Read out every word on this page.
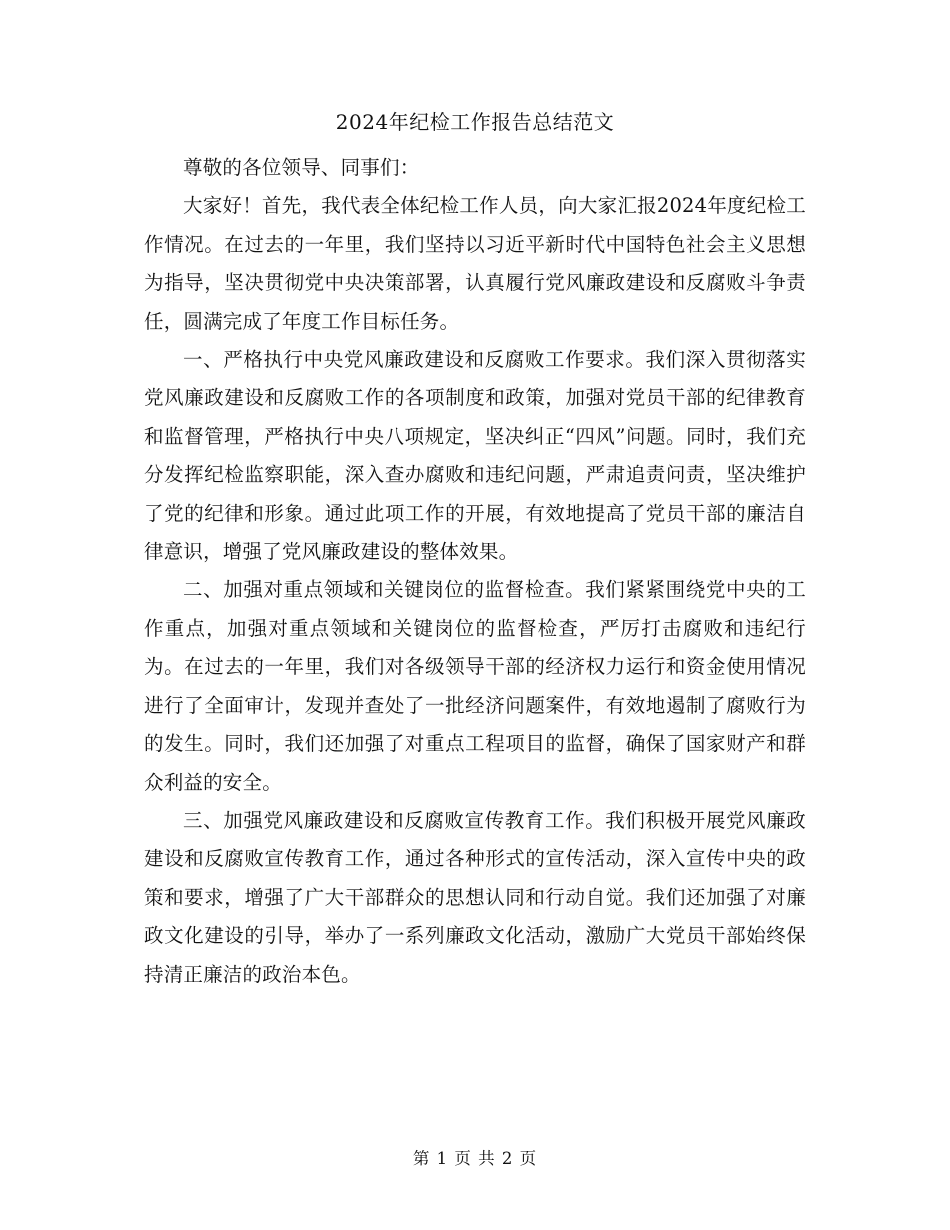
2024年纪检工作报告总结范文

尊敬的各位领导、同事们：

大家好！首先，我代表全体纪检工作人员，向大家汇报2024年度纪检工作情况。在过去的一年里，我们坚持以习近平新时代中国特色社会主义思想为指导，坚决贯彻党中央决策部署，认真履行党风廉政建设和反腐败斗争责任，圆满完成了年度工作目标任务。

一、严格执行中央党风廉政建设和反腐败工作要求。我们深入贯彻落实党风廉政建设和反腐败工作的各项制度和政策，加强对党员干部的纪律教育和监督管理，严格执行中央八项规定，坚决纠正“四风”问题。同时，我们充分发挥纪检监察职能，深入查办腐败和违纪问题，严肃追责问责，坚决维护了党的纪律和形象。通过此项工作的开展，有效地提高了党员干部的廉洁自律意识，增强了党风廉政建设的整体效果。

二、加强对重点领域和关键岗位的监督检查。我们紧紧围绕党中央的工作重点，加强对重点领域和关键岗位的监督检查，严厉打击腐败和违纪行为。在过去的一年里，我们对各级领导干部的经济权力运行和资金使用情况进行了全面审计，发现并查处了一批经济问题案件，有效地遏制了腐败行为的发生。同时，我们还加强了对重点工程项目的监督，确保了国家财产和群众利益的安全。

三、加强党风廉政建设和反腐败宣传教育工作。我们积极开展党风廉政建设和反腐败宣传教育工作，通过各种形式的宣传活动，深入宣传中央的政策和要求，增强了广大干部群众的思想认同和行动自觉。我们还加强了对廉政文化建设的引导，举办了一系列廉政文化活动，激励广大党员干部始终保持清正廉洁的政治本色。

第 1 页 共 2 页
